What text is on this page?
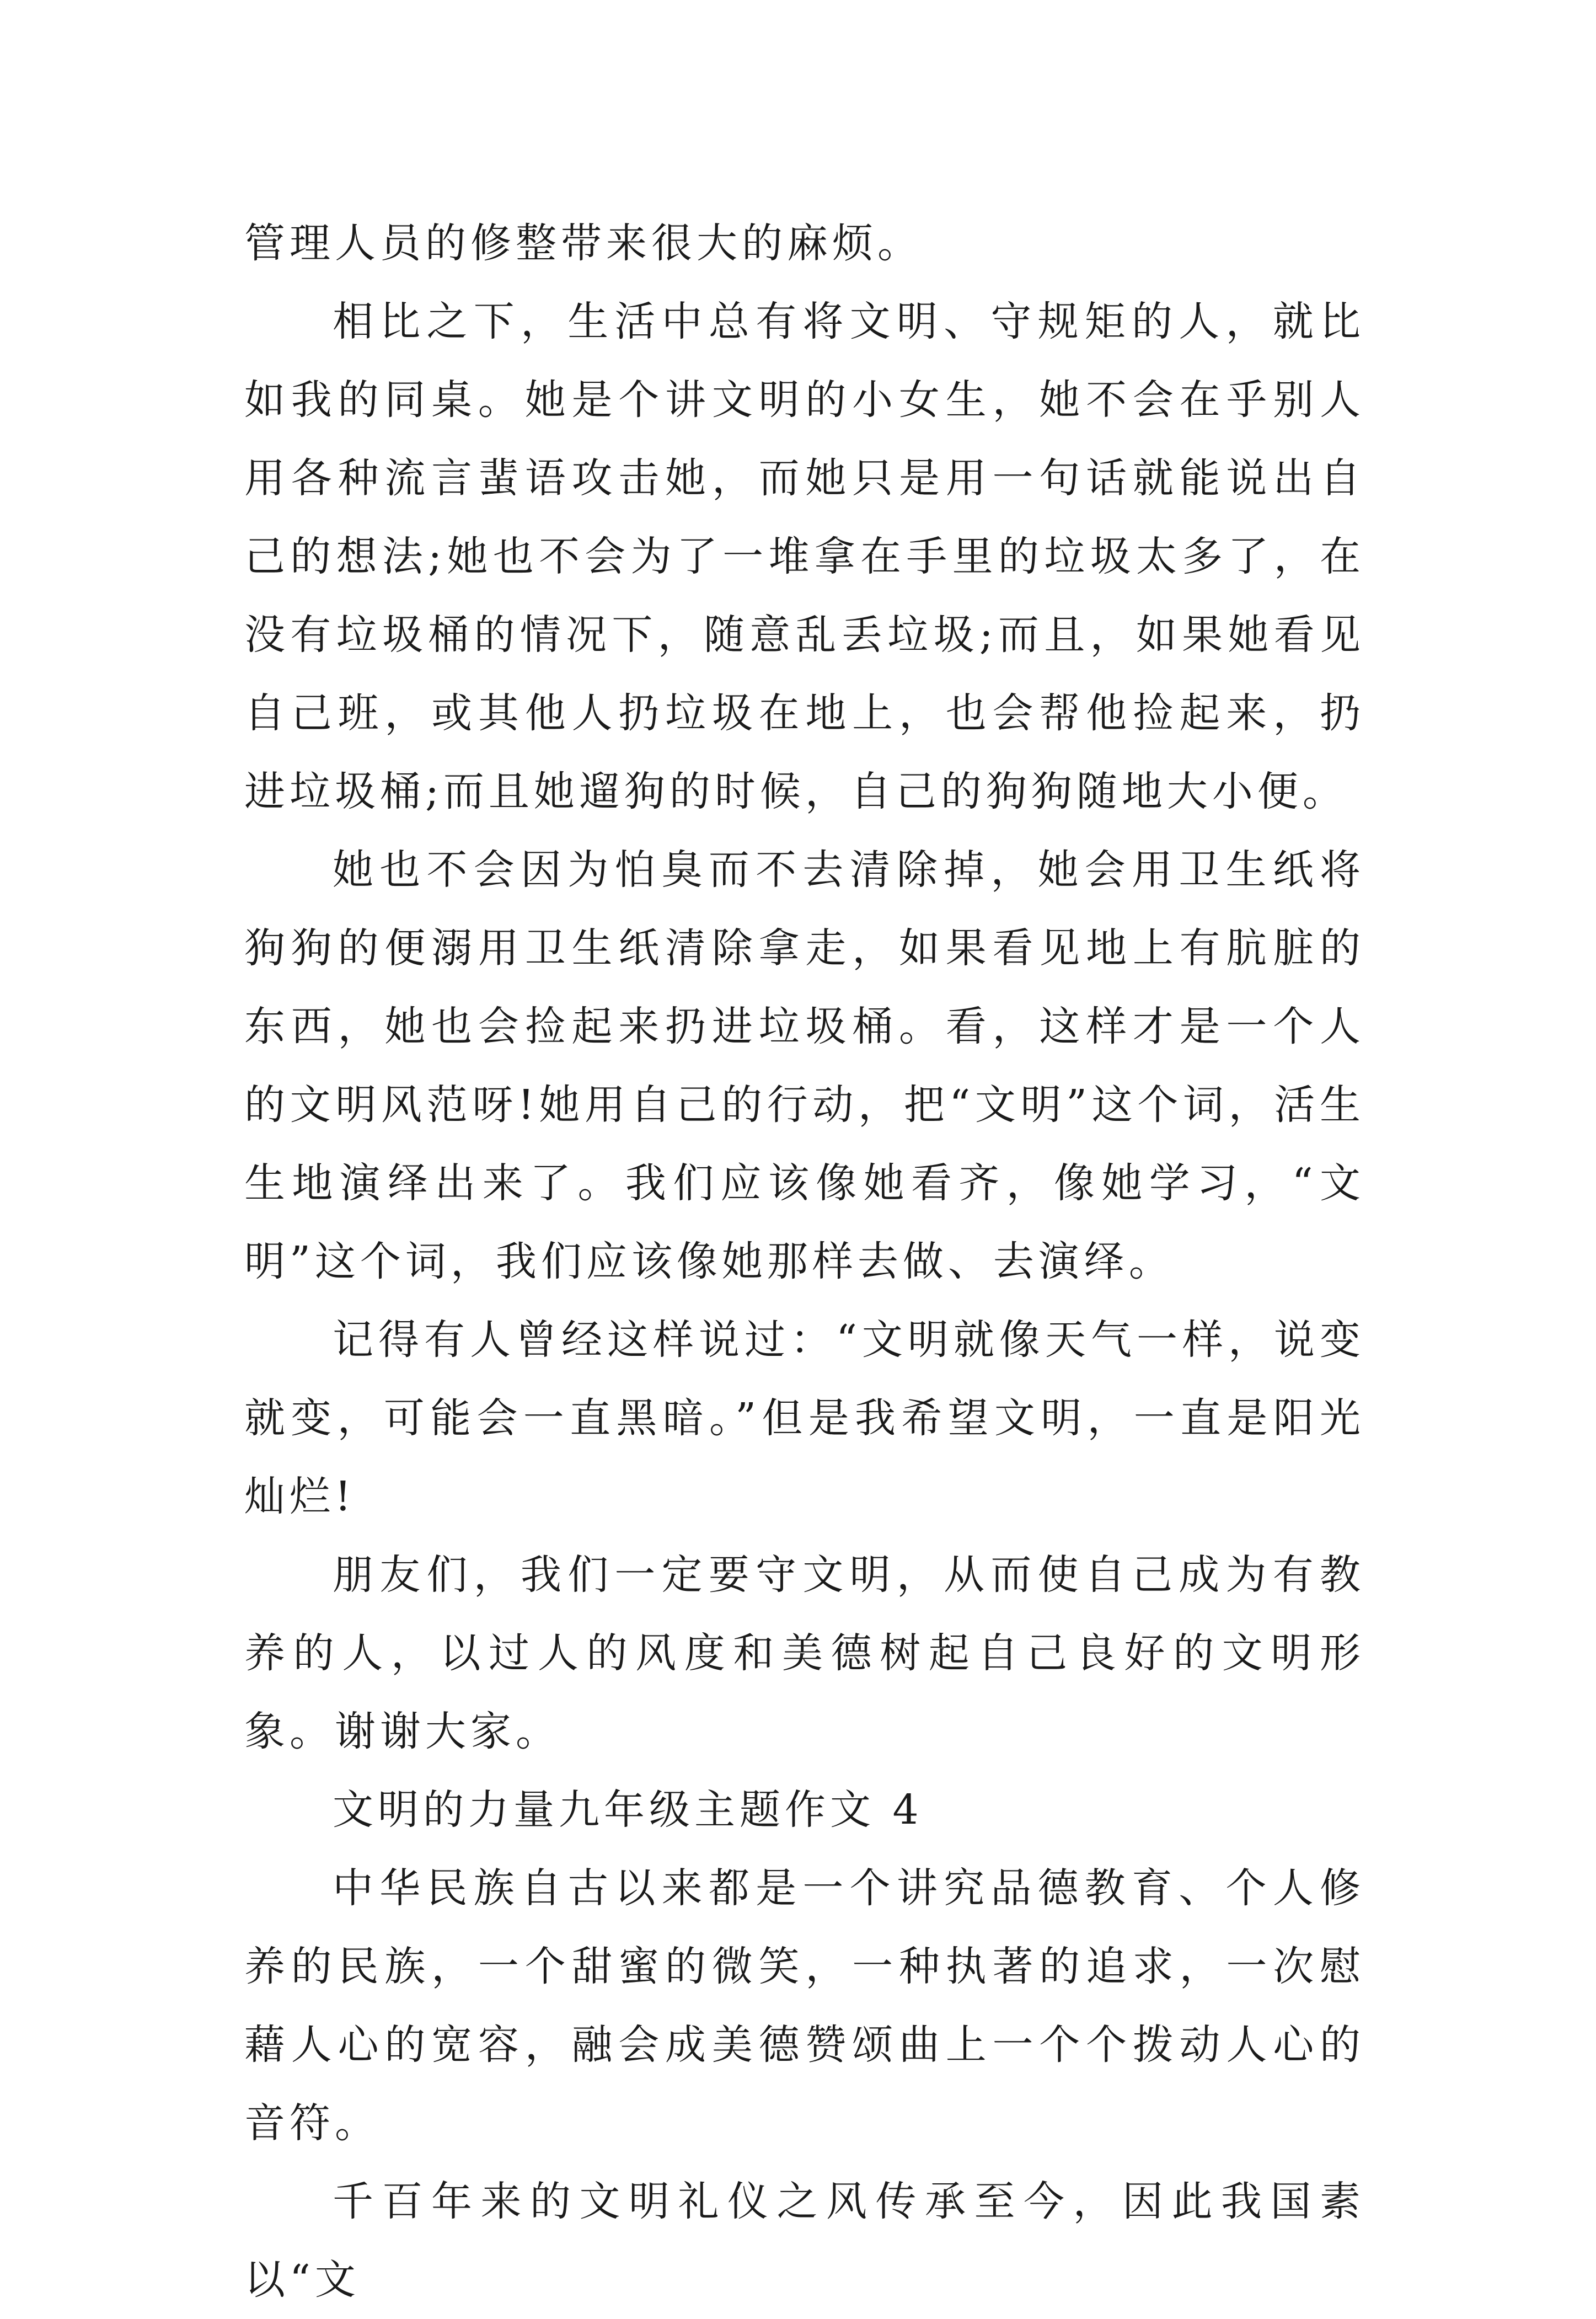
管理人员的修整带来很大的麻烦。

相比之下，生活中总有将文明、守规矩的人，就比如我的同桌。她是个讲文明的小女生，她不会在乎别人用各种流言蜚语攻击她，而她只是用一句话就能说出自己的想法;她也不会为了一堆拿在手里的垃圾太多了，在没有垃圾桶的情况下，随意乱丢垃圾;而且，如果她看见自己班，或其他人扔垃圾在地上，也会帮他捡起来，扔进垃圾桶;而且她遛狗的时候，自己的狗狗随地大小便。

她也不会因为怕臭而不去清除掉，她会用卫生纸将狗狗的便溺用卫生纸清除拿走，如果看见地上有肮脏的东西，她也会捡起来扔进垃圾桶。看，这样才是一个人的文明风范呀!她用自己的行动，把“文明”这个词，活生生地演绎出来了。我们应该像她看齐，像她学习，“文明”这个词，我们应该像她那样去做、去演绎。

记得有人曾经这样说过：“文明就像天气一样，说变就变，可能会一直黑暗。”但是我希望文明，一直是阳光灿烂!

朋友们，我们一定要守文明，从而使自己成为有教养的人，以过人的风度和美德树起自己良好的文明形象。谢谢大家。

文明的力量九年级主题作文 4

中华民族自古以来都是一个讲究品德教育、个人修养的民族，一个甜蜜的微笑，一种执著的追求，一次慰藉人心的宽容，融会成美德赞颂曲上一个个拨动人心的音符。

千百年来的文明礼仪之风传承至今，因此我国素以“文
